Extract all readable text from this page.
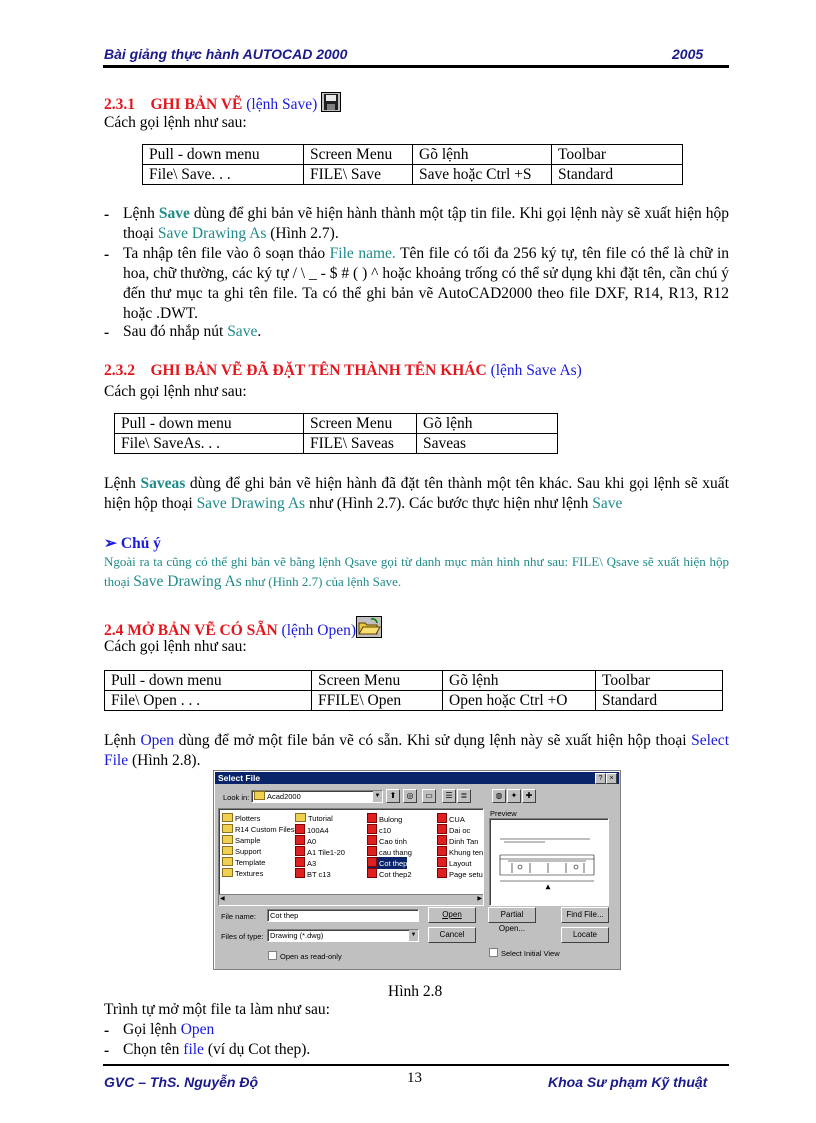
Bài giảng thực hành AUTOCAD 2000	2005
2.3.1 GHI BẢN VẼ (lệnh Save)
Cách gọi lệnh như sau:
Pull - down menu	Screen Menu	Gõ lệnh	Toolbar
File\ Save. . .	FILE\ Save	Save hoặc Ctrl +S	Standard
- Lệnh Save dùng để ghi bản vẽ hiện hành thành một tập tin file. Khi gọi lệnh này sẽ xuất hiện hộp thoại Save Drawing As (Hình 2.7).
- Ta nhập tên file vào ô soạn thảo File name. Tên file có tối đa 256 ký tự, tên file có thể là chữ in hoa, chữ thường, các ký tự / \ _ - $ # ( ) ^ hoặc khoảng trống có thể sử dụng khi đặt tên, cần chú ý đến thư mục ta ghi tên file. Ta có thể ghi bản vẽ AutoCAD2000 theo file DXF, R14, R13, R12 hoặc .DWT.
- Sau đó nhắp nút Save.
2.3.2 GHI BẢN VẼ ĐÃ ĐẶT TÊN THÀNH TÊN KHÁC (lệnh Save As)
Cách gọi lệnh như sau:
Pull - down menu	Screen Menu	Gõ lệnh
File\ SaveAs. . .	FILE\ Saveas	Saveas
Lệnh Saveas dùng để ghi bản vẽ hiện hành đã đặt tên thành một tên khác. Sau khi gọi lệnh sẽ xuất hiện hộp thoại Save Drawing As như (Hình 2.7). Các bước thực hiện như lệnh Save
➢ Chú ý
Ngoài ra ta cũng có thể ghi bản vẽ bằng lệnh Qsave gọi từ danh mục màn hình như sau: FILE\ Qsave sẽ xuất hiện hộp thoại Save Drawing As như (Hình 2.7) của lệnh Save.
2.4 MỞ BẢN VẼ CÓ SẴN (lệnh Open)
Cách gọi lệnh như sau:
Pull - down menu	Screen Menu	Gõ lệnh	Toolbar
File\ Open . . .	FFILE\ Open	Open hoặc Ctrl +O	Standard
Lệnh Open dùng để mở một file bản vẽ có sẵn. Khi sử dụng lệnh này sẽ xuất hiện hộp thoại Select File (Hình 2.8).
Select File	?	×
Look in:	Acad2000	▼	⬆	◎	▭	☰	≣	◍	✦	✚
Plotters
R14 Custom Files
Sample
Support
Template
Textures
Tutorial
100A4
A0
A1 Tile1-20
A3
BT c13
Bulong
c10
Cao tinh
cau thang
Cot thep
Cot thep2
CUA
Dai oc
Dinh Tan
Khung ten
Layout
Page setu
◀	▶
Preview
File name:	Cot thep
Files of type: Drawing (*.dwg)	▼
Open
Cancel
Partial Open...
Find File...
Locate
Open as read-only	Select Initial View
Hình 2.8
Trình tự mở một file ta làm như sau:
- Gọi lệnh Open
- Chọn tên file (ví dụ Cot thep).
GVC – ThS. Nguyễn Độ	13	Khoa Sư phạm Kỹ thuật
